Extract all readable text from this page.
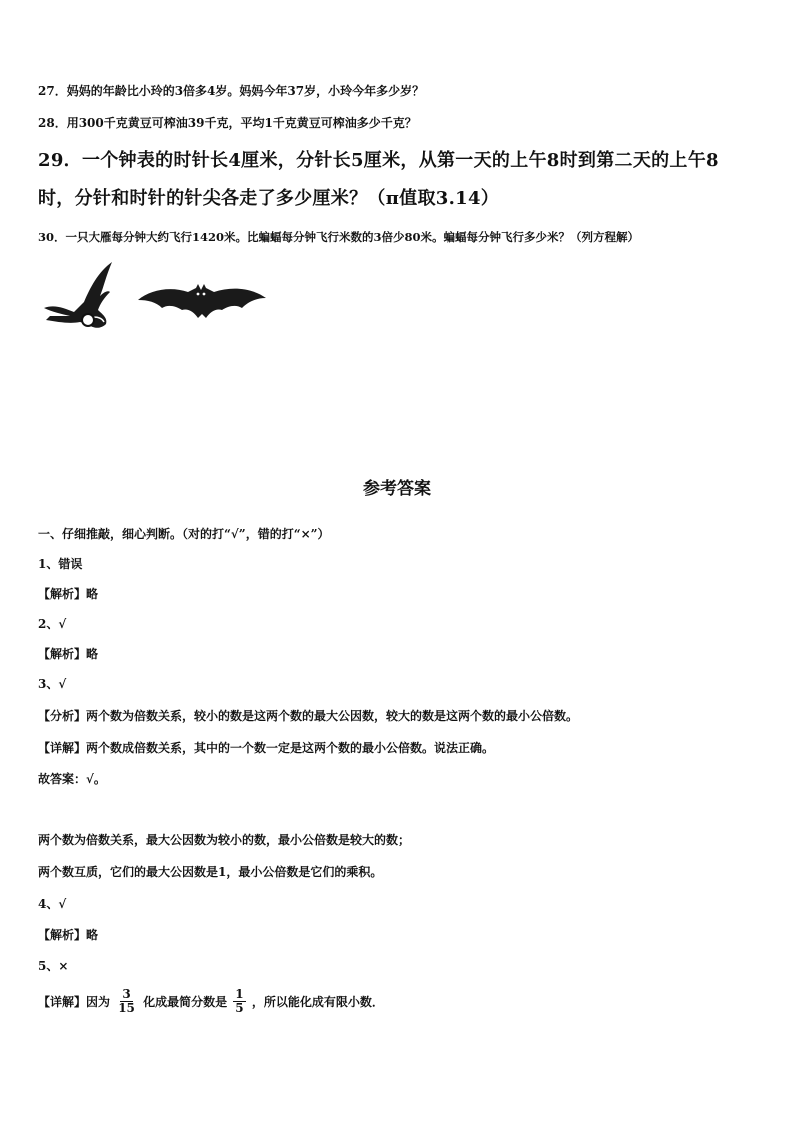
27．妈妈的年龄比小玲的3倍多4岁。妈妈今年37岁，小玲今年多少岁？
28．用300千克黄豆可榨油39千克，平均1千克黄豆可榨油多少千克？
29．一个钟表的时针长4厘米，分针长5厘米，从第一天的上午8时到第二天的上午8
时，分针和时针的针尖各走了多少厘米？（π值取3.14）
30．一只大雁每分钟大约飞行1420米。比蝙蝠每分钟飞行米数的3倍少80米。蝙蝠每分钟飞行多少米？（列方程解）
参考答案
一、仔细推敲，细心判断。（对的打“√”，错的打“×”）
1、错误
【解析】略
2、√
【解析】略
3、√
【分析】两个数为倍数关系，较小的数是这两个数的最大公因数，较大的数是这两个数的最小公倍数。
【详解】两个数成倍数关系，其中的一个数一定是这两个数的最小公倍数。说法正确。
故答案：√。
两个数为倍数关系，最大公因数为较小的数，最小公倍数是较大的数；
两个数互质，它们的最大公因数是1，最小公倍数是它们的乘积。
4、√
【解析】略
5、×
【详解】因为 $\frac{3}{15}$ 化成最简分数是 $\frac{1}{5}$ ，所以能化成有限小数．
